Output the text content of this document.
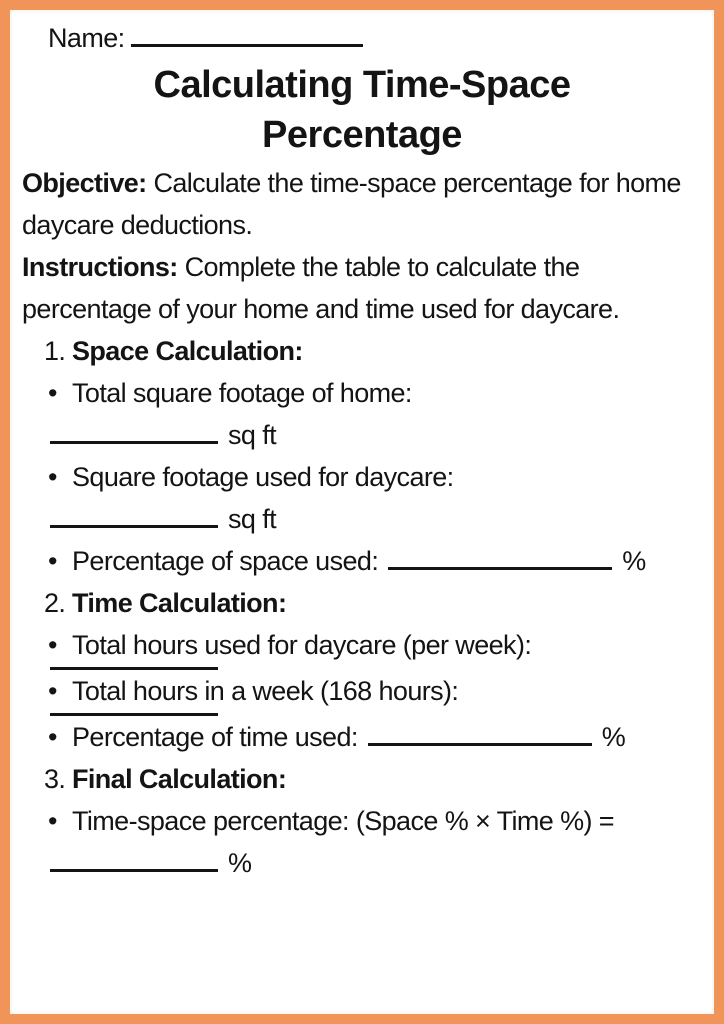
Name:
Calculating Time-Space Percentage

Objective: Calculate the time-space percentage for home daycare deductions.

Instructions: Complete the table to calculate the percentage of your home and time used for daycare.

1. Space Calculation:
• Total square footage of home:
sq ft
• Square footage used for daycare:
sq ft
• Percentage of space used:	%
2. Time Calculation:
• Total hours used for daycare (per week):
• Total hours in a week (168 hours):
• Percentage of time used:	%
3. Final Calculation:
• Time-space percentage: (Space % × Time %) =
%
